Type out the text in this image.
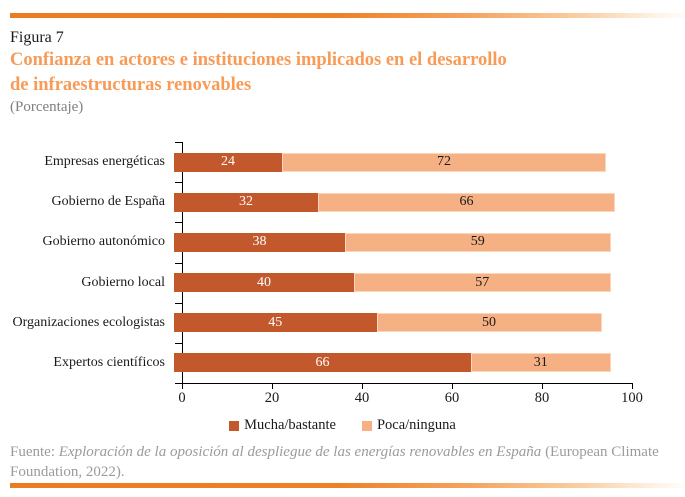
Figura 7
Confianza en actores e instituciones implicados en el desarrollo
de infraestructuras renovables
(Porcentaje)
Empresas energéticas	24	72
Gobierno de España	32	66
Gobierno autonómico	38	59
Gobierno local	40	57
Organizaciones ecologistas	45	50
Expertos científicos	66	31
0	20	40	60	80	100
Mucha/bastante	Poca/ninguna
Fuente: Exploración de la oposición al despliegue de las energías renovables en España (European Climate Foundation, 2022).
